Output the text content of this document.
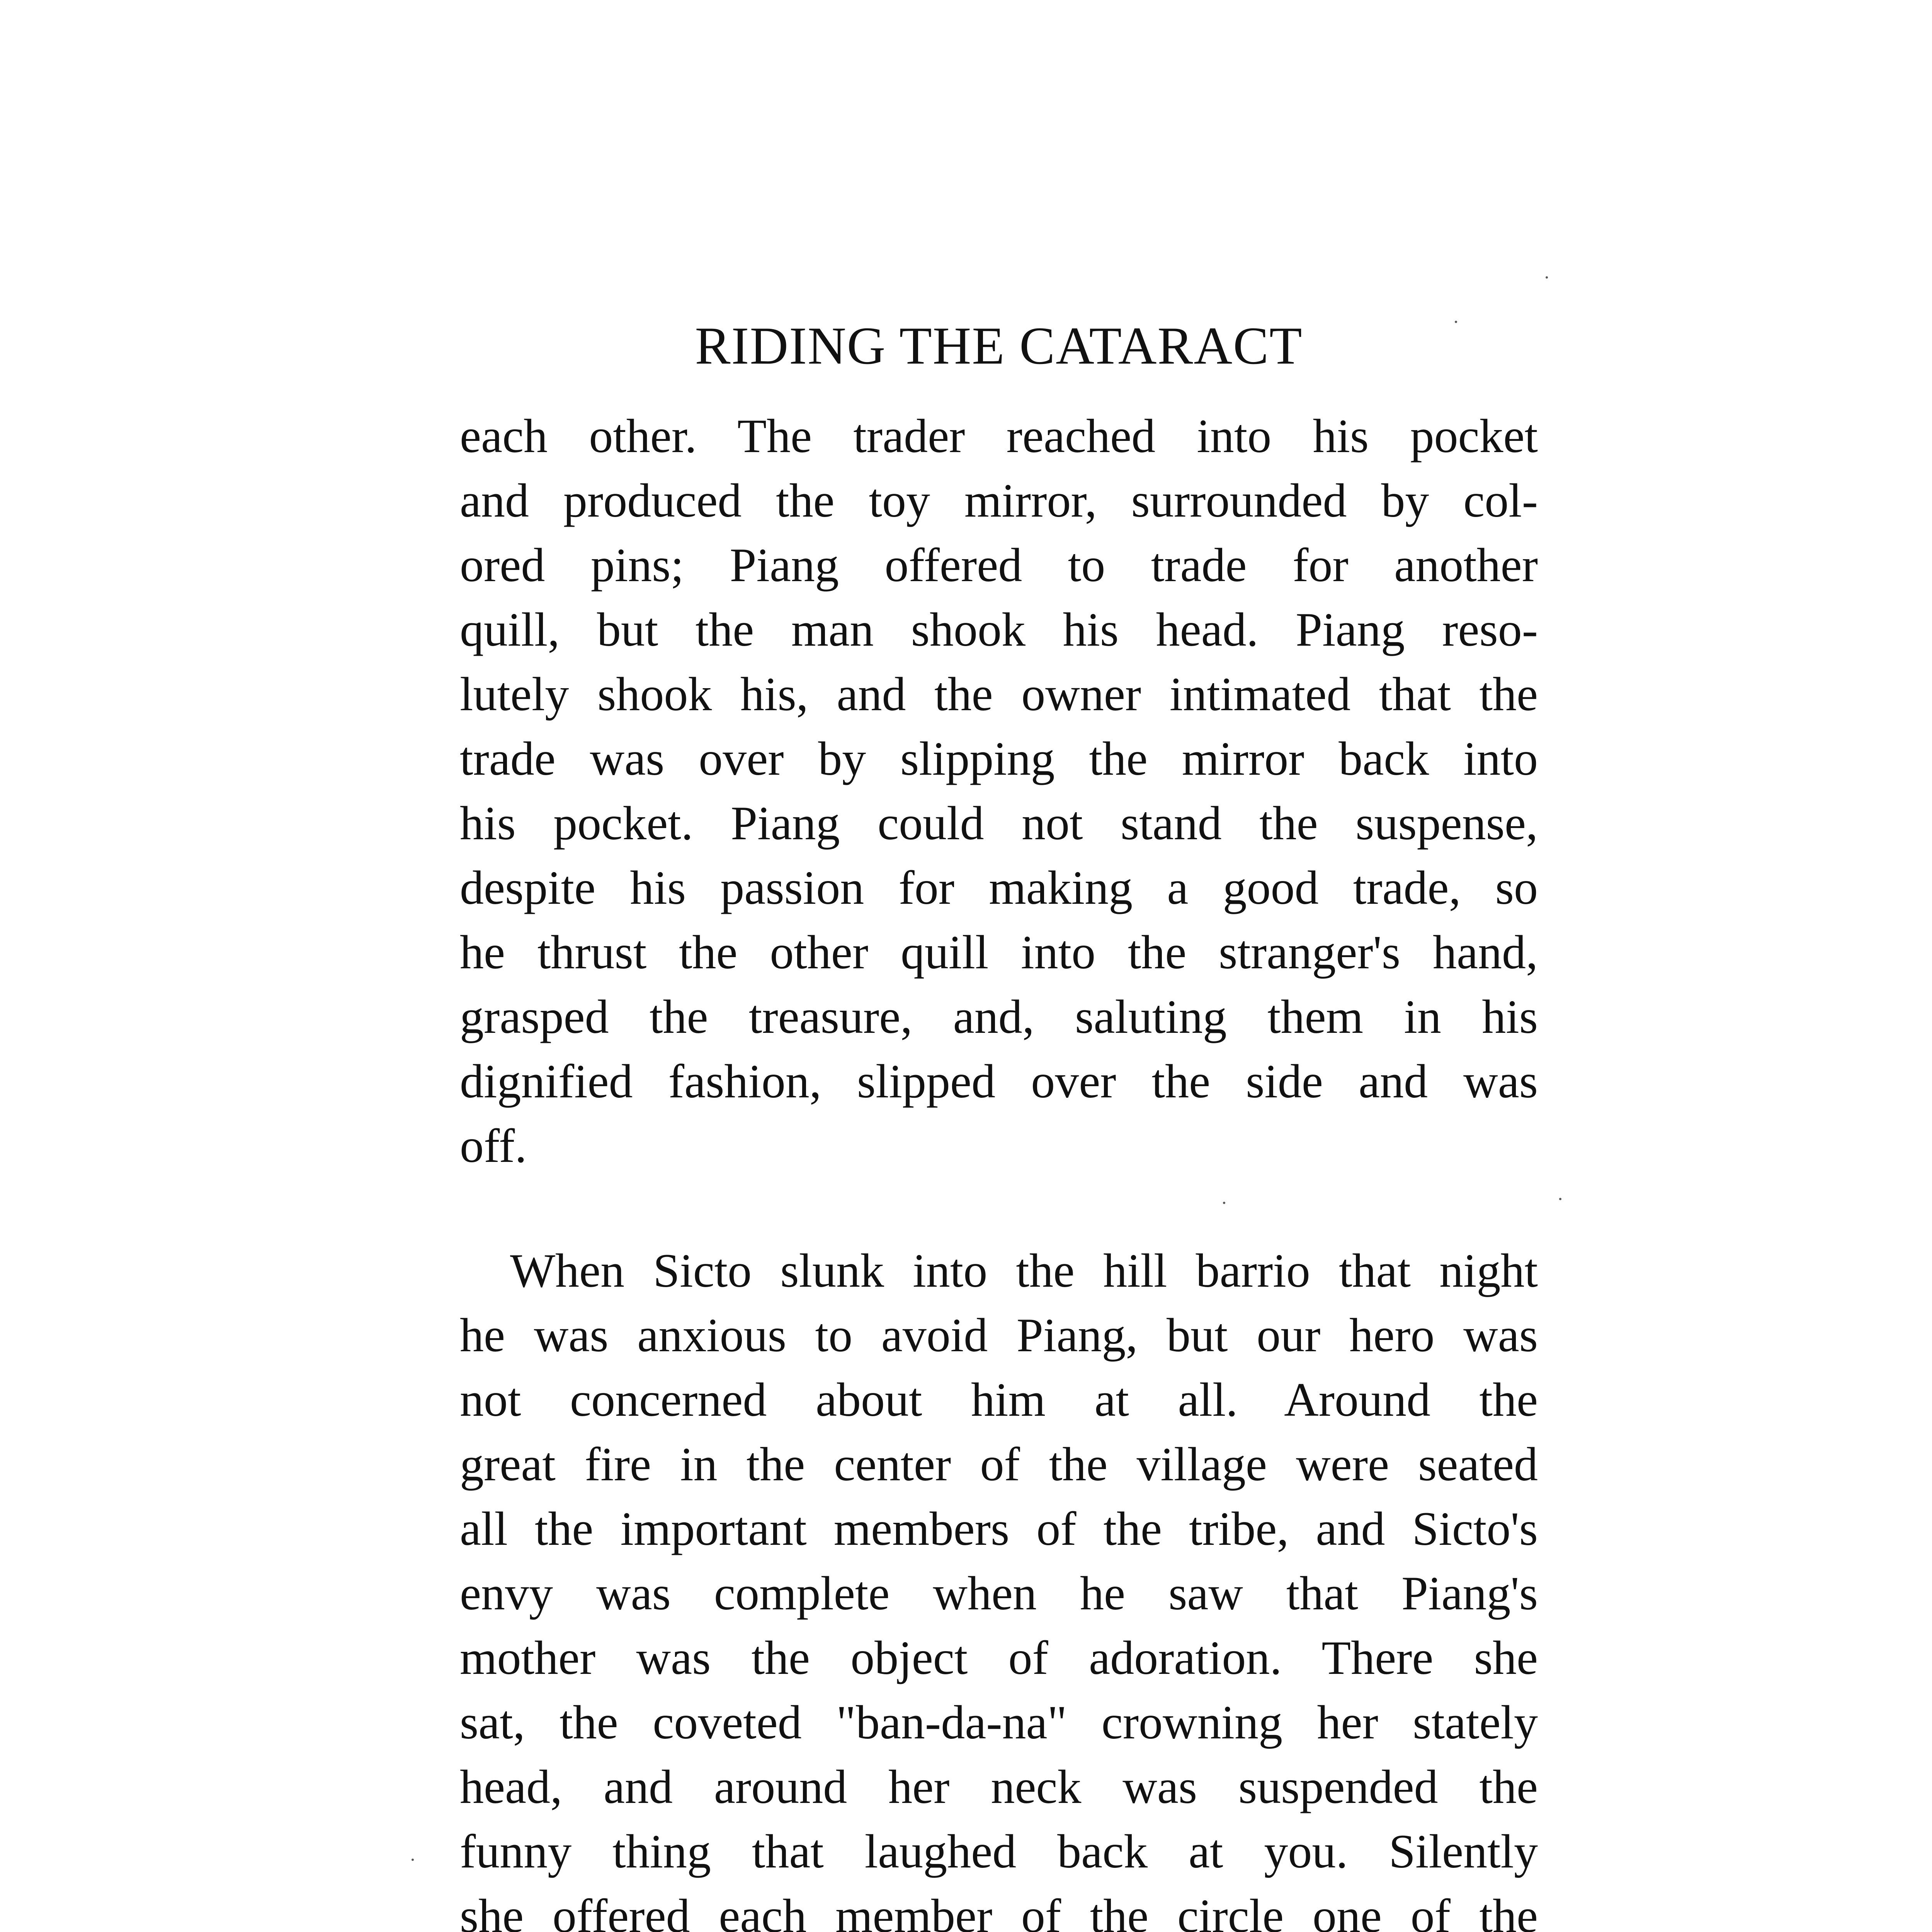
RIDING THE CATARACT
each other. The trader reached into his pocket
and produced the toy mirror, surrounded by col-
ored pins; Piang offered to trade for another
quill, but the man shook his head. Piang reso-
lutely shook his, and the owner intimated that the
trade was over by slipping the mirror back into
his pocket. Piang could not stand the suspense,
despite his passion for making a good trade, so
he thrust the other quill into the stranger's hand,
grasped the treasure, and, saluting them in his
dignified fashion, slipped over the side and was
off.
When Sicto slunk into the hill barrio that night
he was anxious to avoid Piang, but our hero was
not concerned about him at all. Around the
great fire in the center of the village were seated
all the important members of the tribe, and Sicto's
envy was complete when he saw that Piang's
mother was the object of adoration. There she
sat, the coveted "ban-da-na" crowning her stately
head, and around her neck was suspended the
funny thing that laughed back at you. Silently
she offered each member of the circle one of the
